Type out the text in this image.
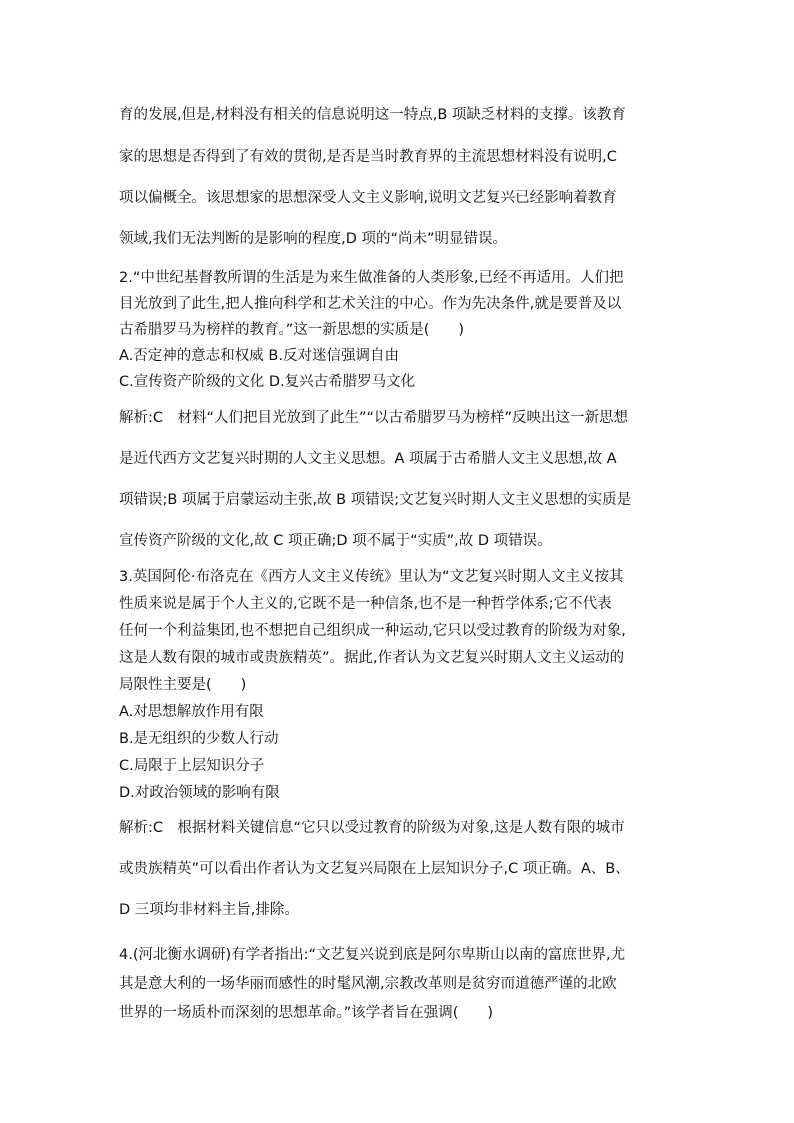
育的发展,但是,材料没有相关的信息说明这一特点,B 项缺乏材料的支撑。该教育
家的思想是否得到了有效的贯彻,是否是当时教育界的主流思想材料没有说明,C
项以偏概全。该思想家的思想深受人文主义影响,说明文艺复兴已经影响着教育
领域,我们无法判断的是影响的程度,D 项的“尚未”明显错误。
2.“中世纪基督教所谓的生活是为来生做准备的人类形象,已经不再适用。人们把
目光放到了此生,把人推向科学和艺术关注的中心。作为先决条件,就是要普及以
古希腊罗马为榜样的教育。”这一新思想的实质是(　　)
A.否定神的意志和权威 B.反对迷信强调自由
C.宣传资产阶级的文化 D.复兴古希腊罗马文化
解析:C　材料“人们把目光放到了此生”“以古希腊罗马为榜样”反映出这一新思想
是近代西方文艺复兴时期的人文主义思想。A 项属于古希腊人文主义思想,故 A
项错误;B 项属于启蒙运动主张,故 B 项错误;文艺复兴时期人文主义思想的实质是
宣传资产阶级的文化,故 C 项正确;D 项不属于“实质”,故 D 项错误。
3.英国阿伦·布洛克在《西方人文主义传统》里认为“文艺复兴时期人文主义按其
性质来说是属于个人主义的,它既不是一种信条,也不是一种哲学体系;它不代表
任何一个利益集团,也不想把自己组织成一种运动,它只以受过教育的阶级为对象,
这是人数有限的城市或贵族精英”。据此,作者认为文艺复兴时期人文主义运动的
局限性主要是(　　)
A.对思想解放作用有限
B.是无组织的少数人行动
C.局限于上层知识分子
D.对政治领域的影响有限
解析:C　根据材料关键信息“它只以受过教育的阶级为对象,这是人数有限的城市
或贵族精英”可以看出作者认为文艺复兴局限在上层知识分子,C 项正确。A、B、
D 三项均非材料主旨,排除。
4.(河北衡水调研)有学者指出:“文艺复兴说到底是阿尔卑斯山以南的富庶世界,尤
其是意大利的一场华丽而感性的时髦风潮,宗教改革则是贫穷而道德严谨的北欧
世界的一场质朴而深刻的思想革命。”该学者旨在强调(　　)
